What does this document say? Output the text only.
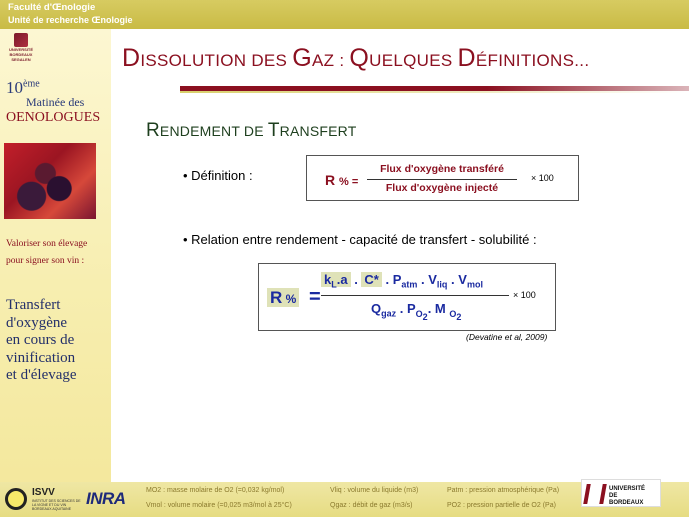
Faculté d'Œnologie
Unité de recherche Œnologie
UNIVERSITÉ
BORDEAUX
SEGALEN
10ème
Matinée des
OENOLOGUES
Valoriser son élevage
pour signer son vin :
Transfert
d'oxygène
en cours de
vinification
et d'élevage
DISSOLUTION DES GAZ : QUELQUES DÉFINITIONS...
RENDEMENT DE TRANSFERT
• Définition :
• Relation entre rendement - capacité de transfert - solubilité :
R % =
Flux d'oxygène transféré
Flux d'oxygène injecté
× 100
R % =
$k_L.a$ . C* . $P_{atm}$ . $V_{liq}$ . $V_{mol}$
$Q_{gaz}$ . $P_{O_2}$. M $_{O_2}$
× 100
(Devatine et al, 2009)
ISVV
INSTITUT DES SCIENCES DE LA VIGNE ET DU VIN BORDEAUX AQUITAINE
INRA	MO2 : masse molaire de O2 (=0,032 kg/mol)
Vmol : volume molaire (=0,025 m3/mol à 25°C)
Vliq : volume du liquide (m3)
Qgaz : débit de gaz (m3/s)
Patm : pression atmosphérique (Pa)
PO2 : pression partielle de O2 (Pa)
UNIVERSITÉ
DE
BORDEAUX
